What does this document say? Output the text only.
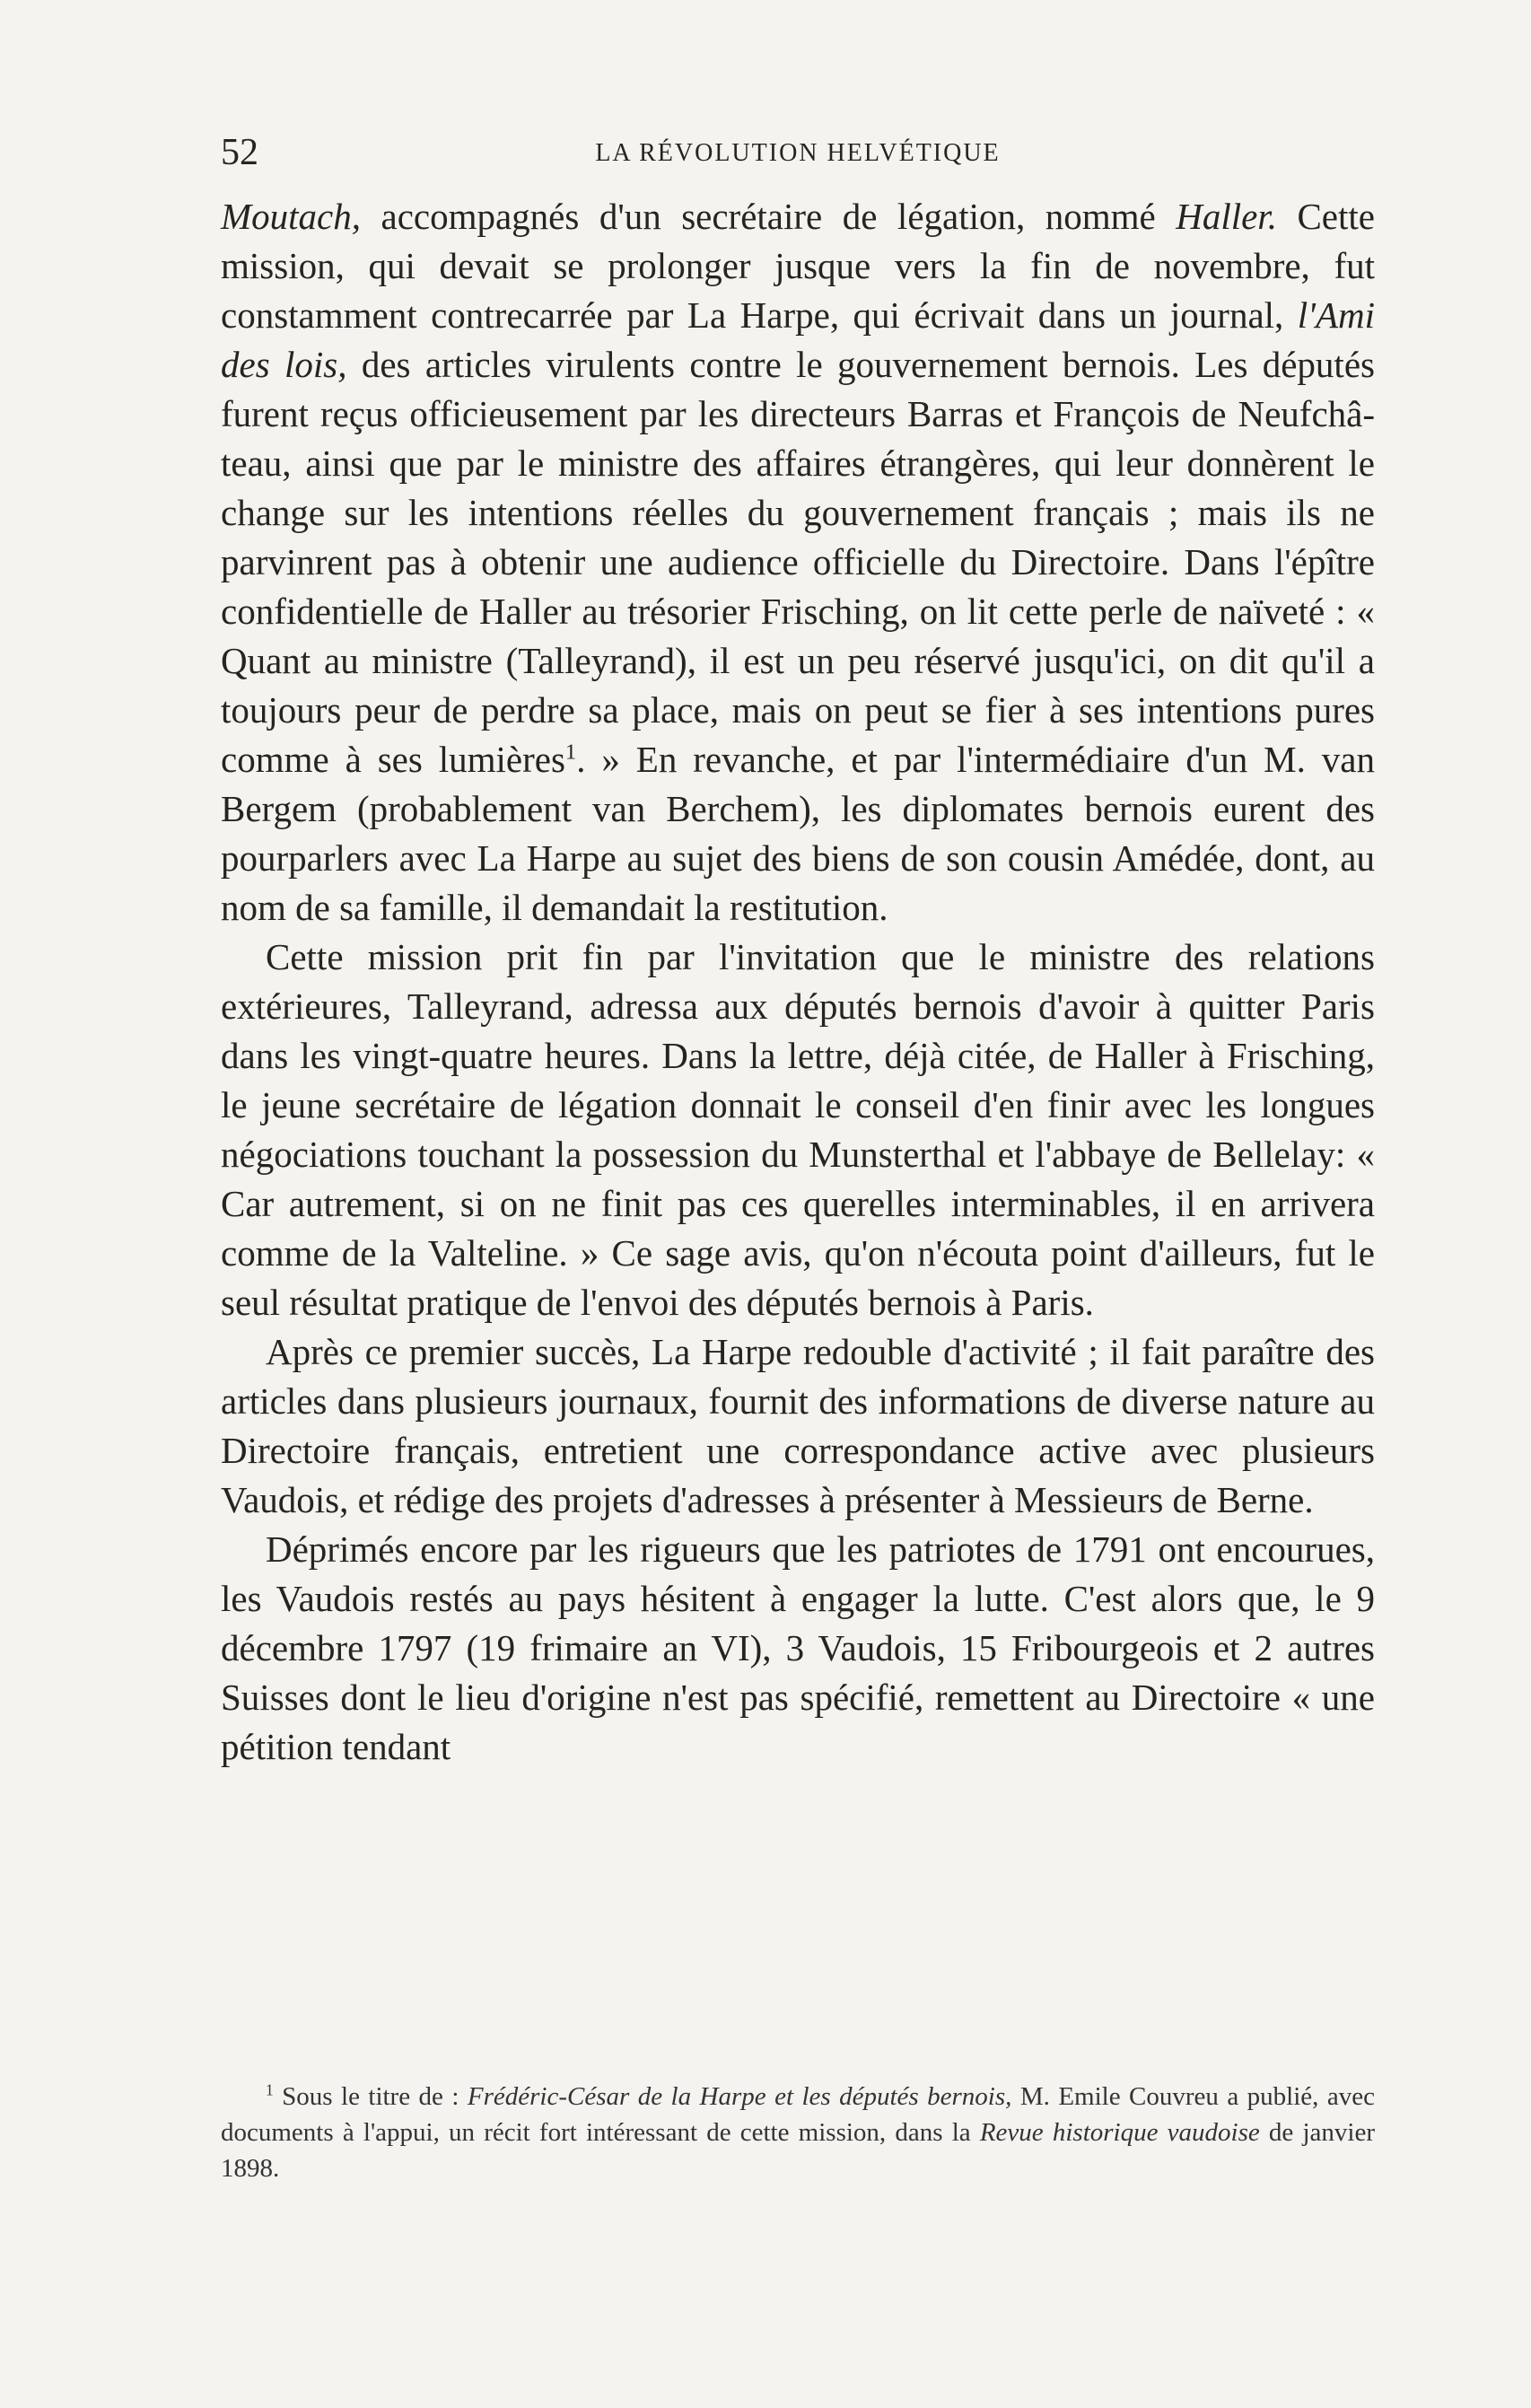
52	LA RÉVOLUTION HELVÉTIQUE

Moutach, accompagnés d'un secrétaire de légation, nommé Haller. Cette mission, qui devait se prolonger jusque vers la fin de novembre, fut constamment contrecarrée par La Harpe, qui écrivait dans un journal, l'Ami des lois, des articles virulents contre le gouvernement bernois. Les députés furent reçus officieusement par les directeurs Barras et François de Neufchâteau, ainsi que par le ministre des affaires étrangères, qui leur donnèrent le change sur les intentions réelles du gouvernement français ; mais ils ne parvinrent pas à obtenir une audience officielle du Directoire. Dans l'épître confidentielle de Haller au trésorier Frisching, on lit cette perle de naïveté : « Quant au ministre (Talleyrand), il est un peu réservé jusqu'ici, on dit qu'il a toujours peur de perdre sa place, mais on peut se fier à ses intentions pures comme à ses lumières$^1$. » En revanche, et par l'intermédiaire d'un M. van Bergem (probablement van Berchem), les diplomates bernois eurent des pourparlers avec La Harpe au sujet des biens de son cousin Amédée, dont, au nom de sa famille, il demandait la restitution.

Cette mission prit fin par l'invitation que le ministre des relations extérieures, Talleyrand, adressa aux députés bernois d'avoir à quitter Paris dans les vingt-quatre heures. Dans la lettre, déjà citée, de Haller à Frisching, le jeune secrétaire de légation donnait le conseil d'en finir avec les longues négociations touchant la possession du Munsterthal et l'abbaye de Bellelay: « Car autrement, si on ne finit pas ces querelles interminables, il en arrivera comme de la Valteline. » Ce sage avis, qu'on n'écouta point d'ailleurs, fut le seul résultat pratique de l'envoi des députés bernois à Paris.

Après ce premier succès, La Harpe redouble d'activité ; il fait paraître des articles dans plusieurs journaux, fournit des informations de diverse nature au Directoire français, entretient une correspondance active avec plusieurs Vaudois, et rédige des projets d'adresses à présenter à Messieurs de Berne.

Déprimés encore par les rigueurs que les patriotes de 1791 ont encourues, les Vaudois restés au pays hésitent à engager la lutte. C'est alors que, le 9 décembre 1797 (19 frimaire an VI), 3 Vaudois, 15 Fribourgeois et 2 autres Suisses dont le lieu d'origine n'est pas spécifié, remettent au Directoire « une pétition tendant

$^1$ Sous le titre de : Frédéric-César de la Harpe et les députés bernois, M. Emile Couvreu a publié, avec documents à l'appui, un récit fort intéressant de cette mission, dans la Revue historique vaudoise de janvier 1898.
